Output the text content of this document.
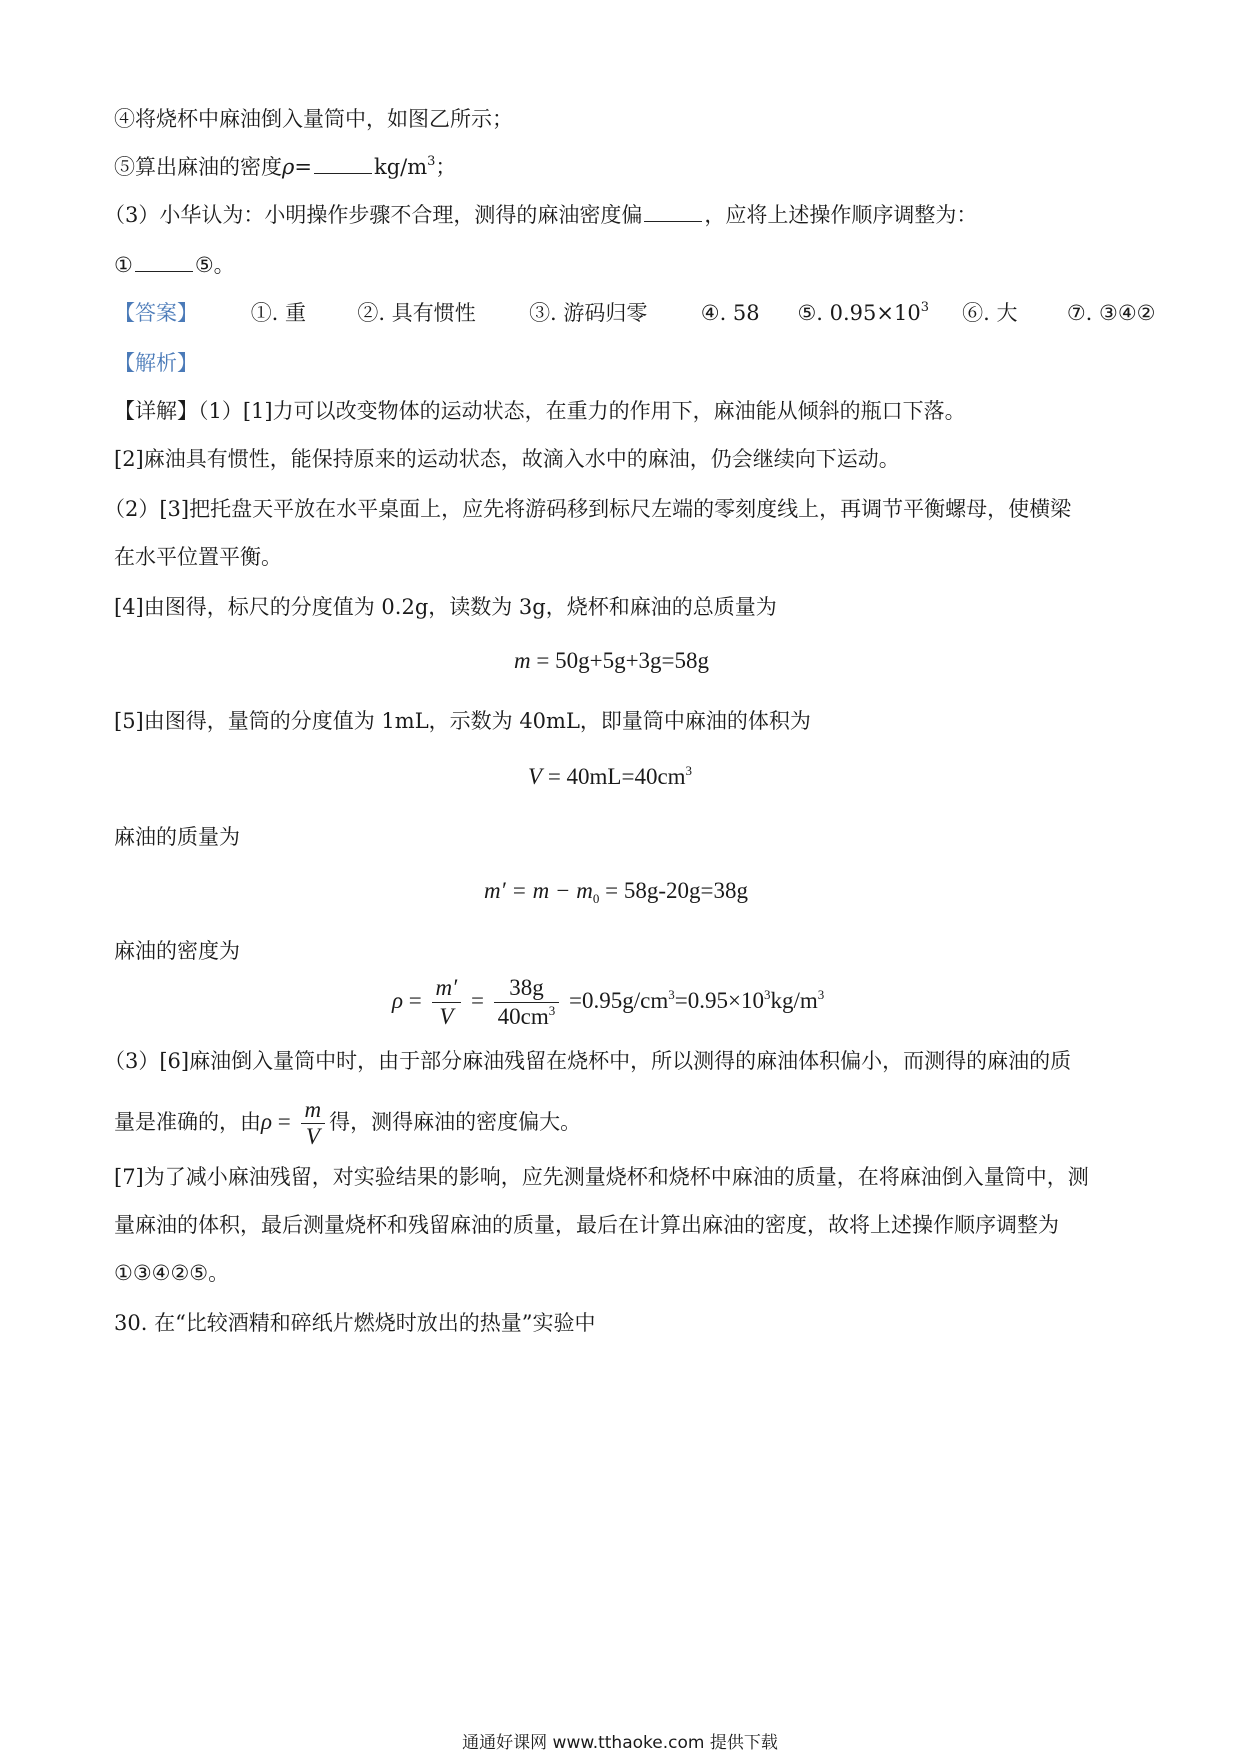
④将烧杯中麻油倒入量筒中，如图乙所示；
⑤算出麻油的密度ρ=	$kg/m^3$；
（3）小华认为：小明操作步骤不合理，测得的麻油密度偏	，应将上述操作顺序调整为：
①	⑤。
【答案】	①. 重 ②. 具有惯性	③. 游码归零	④. 58 ⑤. $0.95\times 10^3$ ⑥. 大 ⑦. ③④②
【解析】
【详解】（1）[1]力可以改变物体的运动状态，在重力的作用下，麻油能从倾斜的瓶口下落。
[2]麻油具有惯性，能保持原来的运动状态，故滴入水中的麻油，仍会继续向下运动。
（2）[3]把托盘天平放在水平桌面上，应先将游码移到标尺左端的零刻度线上，再调节平衡螺母，使横梁
在水平位置平衡。
[4]由图得，标尺的分度值为 0.2g，读数为 3g，烧杯和麻油的总质量为
m = 50g+5g+3g=58g
[5]由图得，量筒的分度值为 1mL，示数为 40mL，即量筒中麻油的体积为
$V = 40mL=40cm^3$
麻油的质量为
$m' = m - m_0 = 58g-20g=38g$
麻油的密度为
$\rho = \frac{m'}{V} = \frac{38g}{40cm^3} =0.95g/cm^3=0.95\times 10^3kg/m^3$
（3）[6]麻油倒入量筒中时，由于部分麻油残留在烧杯中，所以测得的麻油体积偏小，而测得的麻油的质
量是准确的，由$\rho = \frac{m}{V}$ 得，测得麻油的密度偏大。
[7]为了减小麻油残留，对实验结果的影响，应先测量烧杯和烧杯中麻油的质量，在将麻油倒入量筒中，测
量麻油的体积，最后测量烧杯和残留麻油的质量，最后在计算出麻油的密度，故将上述操作顺序调整为
①③④②⑤。
30. 在“比较酒精和碎纸片燃烧时放出的热量”实验中
通通好课网 www.tthaoke.com 提供下载
